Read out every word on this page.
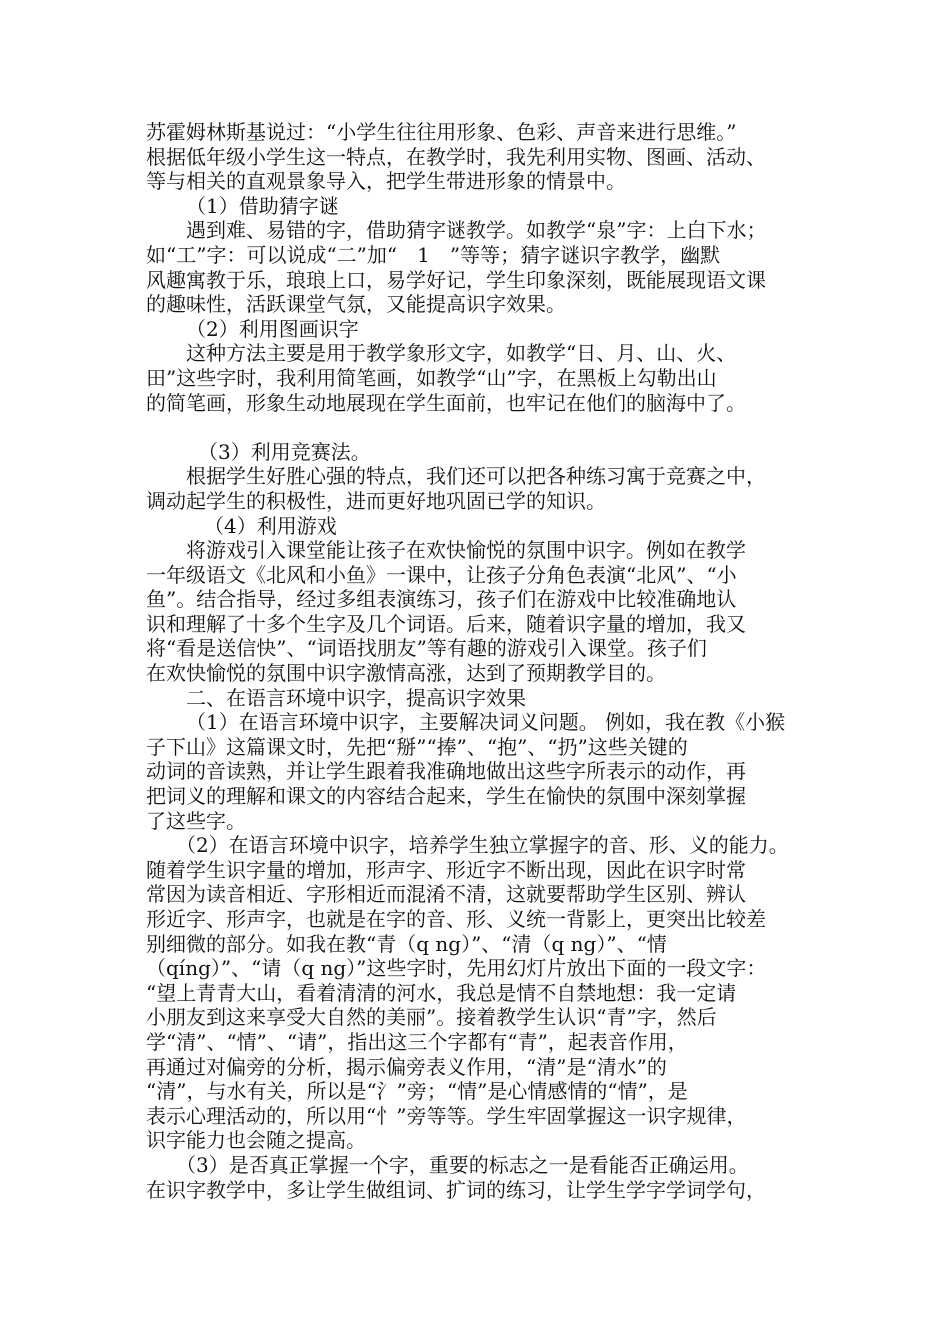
苏霍姆林斯基说过：“小学生往往用形象、色彩、声音来进行思维。”
根据低年级小学生这一特点，在教学时，我先利用实物、图画、活动、
等与相关的直观景象导入，把学生带进形象的情景中。
（1）借助猜字谜
遇到难、易错的字，借助猜字谜教学。如教学“泉”字：上白下水；
如“工”字：可以说成“二”加“　1　”等等；猜字谜识字教学，幽默
风趣寓教于乐，琅琅上口，易学好记，学生印象深刻，既能展现语文课
的趣味性，活跃课堂气氛，又能提高识字效果。
（2）利用图画识字
这种方法主要是用于教学象形文字，如教学“日、月、山、火、
田”这些字时，我利用简笔画，如教学“山”字，在黑板上勾勒出山
的简笔画，形象生动地展现在学生面前，也牢记在他们的脑海中了。
（3）利用竞赛法。
根据学生好胜心强的特点，我们还可以把各种练习寓于竞赛之中，
调动起学生的积极性，进而更好地巩固已学的知识。
（4）利用游戏
将游戏引入课堂能让孩子在欢快愉悦的氛围中识字。例如在教学
一年级语文《北风和小鱼》一课中，让孩子分角色表演“北风”、“小
鱼”。结合指导，经过多组表演练习，孩子们在游戏中比较准确地认
识和理解了十多个生字及几个词语。后来，随着识字量的增加，我又
将“看是送信快”、“词语找朋友”等有趣的游戏引入课堂。孩子们
在欢快愉悦的氛围中识字激情高涨，达到了预期教学目的。
二、在语言环境中识字，提高识字效果
（1）在语言环境中识字，主要解决词义问题。 例如，我在教《小猴
子下山》这篇课文时，先把“掰”“捧”、“抱”、“扔”这些关键的
动词的音读熟，并让学生跟着我准确地做出这些字所表示的动作，再
把词义的理解和课文的内容结合起来，学生在愉快的氛围中深刻掌握
了这些字。
（2）在语言环境中识字，培养学生独立掌握字的音、形、义的能力。
随着学生识字量的增加，形声字、形近字不断出现，因此在识字时常
常因为读音相近、字形相近而混淆不清，这就要帮助学生区别、辨认
形近字、形声字，也就是在字的音、形、义统一背影上，更突出比较差
别细微的部分。如我在教“青（q ng）”、“清（q ng）”、“情
（qíng）”、“请（q ng）”这些字时，先用幻灯片放出下面的一段文字：
“望上青青大山，看着清清的河水，我总是情不自禁地想：我一定请
小朋友到这来享受大自然的美丽”。接着教学生认识“青”字，然后
学“清”、“情”、“请”，指出这三个字都有“青”，起表音作用，
再通过对偏旁的分析，揭示偏旁表义作用，“清”是“清水”的
“清”，与水有关，所以是“氵”旁；“情”是心情感情的“情”，是
表示心理活动的，所以用“忄”旁等等。学生牢固掌握这一识字规律，
识字能力也会随之提高。
（3）是否真正掌握一个字，重要的标志之一是看能否正确运用。
在识字教学中，多让学生做组词、扩词的练习，让学生学字学词学句，
